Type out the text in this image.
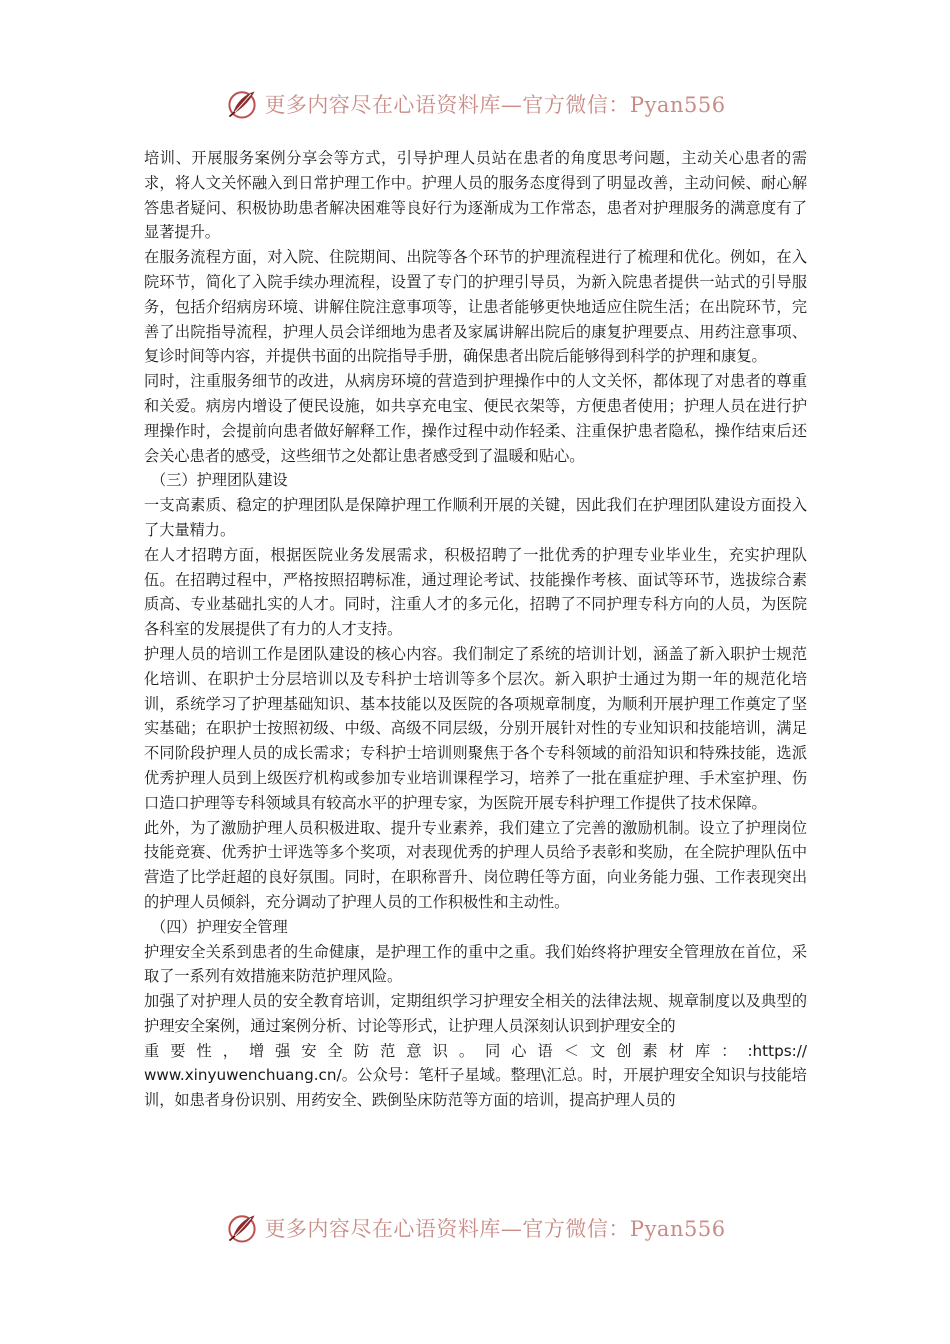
更多内容尽在心语资料库—官方微信：Pyan556

培训、开展服务案例分享会等方式，引导护理人员站在患者的角度思考问题，主动关心患者的需求，将人文关怀融入到日常护理工作中。护理人员的服务态度得到了明显改善，主动问候、耐心解答患者疑问、积极协助患者解决困难等良好行为逐渐成为工作常态，患者对护理服务的满意度有了显著提升。

在服务流程方面，对入院、住院期间、出院等各个环节的护理流程进行了梳理和优化。例如，在入院环节，简化了入院手续办理流程，设置了专门的护理引导员，为新入院患者提供一站式的引导服务，包括介绍病房环境、讲解住院注意事项等，让患者能够更快地适应住院生活；在出院环节，完善了出院指导流程，护理人员会详细地为患者及家属讲解出院后的康复护理要点、用药注意事项、复诊时间等内容，并提供书面的出院指导手册，确保患者出院后能够得到科学的护理和康复。

同时，注重服务细节的改进，从病房环境的营造到护理操作中的人文关怀，都体现了对患者的尊重和关爱。病房内增设了便民设施，如共享充电宝、便民衣架等，方便患者使用；护理人员在进行护理操作时，会提前向患者做好解释工作，操作过程中动作轻柔、注重保护患者隐私，操作结束后还会关心患者的感受，这些细节之处都让患者感受到了温暖和贴心。

（三）护理团队建设

一支高素质、稳定的护理团队是保障护理工作顺利开展的关键，因此我们在护理团队建设方面投入了大量精力。

在人才招聘方面，根据医院业务发展需求，积极招聘了一批优秀的护理专业毕业生，充实护理队伍。在招聘过程中，严格按照招聘标准，通过理论考试、技能操作考核、面试等环节，选拔综合素质高、专业基础扎实的人才。同时，注重人才的多元化，招聘了不同护理专科方向的人员，为医院各科室的发展提供了有力的人才支持。

护理人员的培训工作是团队建设的核心内容。我们制定了系统的培训计划，涵盖了新入职护士规范化培训、在职护士分层培训以及专科护士培训等多个层次。新入职护士通过为期一年的规范化培训，系统学习了护理基础知识、基本技能以及医院的各项规章制度，为顺利开展护理工作奠定了坚实基础；在职护士按照初级、中级、高级不同层级，分别开展针对性的专业知识和技能培训，满足不同阶段护理人员的成长需求；专科护士培训则聚焦于各个专科领域的前沿知识和特殊技能，选派优秀护理人员到上级医疗机构或参加专业培训课程学习，培养了一批在重症护理、手术室护理、伤口造口护理等专科领域具有较高水平的护理专家，为医院开展专科护理工作提供了技术保障。

此外，为了激励护理人员积极进取、提升专业素养，我们建立了完善的激励机制。设立了护理岗位技能竞赛、优秀护士评选等多个奖项，对表现优秀的护理人员给予表彰和奖励，在全院护理队伍中营造了比学赶超的良好氛围。同时，在职称晋升、岗位聘任等方面，向业务能力强、工作表现突出的护理人员倾斜，充分调动了护理人员的工作积极性和主动性。

（四）护理安全管理

护理安全关系到患者的生命健康，是护理工作的重中之重。我们始终将护理安全管理放在首位，采取了一系列有效措施来防范护理风险。

加强了对护理人员的安全教育培训，定期组织学习护理安全相关的法律法规、规章制度以及典型的护理安全案例，通过案例分析、讨论等形式，让护理人员深刻认识到护理安全的

重要性，增强安全防范意识。同心语＜文创素材库：:https://

www.xinyuwenchuang.cn/。公众号：笔杆子星域。整理\汇总。时，开展护理安全知识与技能培训，如患者身份识别、用药安全、跌倒坠床防范等方面的培训，提高护理人员的

更多内容尽在心语资料库—官方微信：Pyan556
